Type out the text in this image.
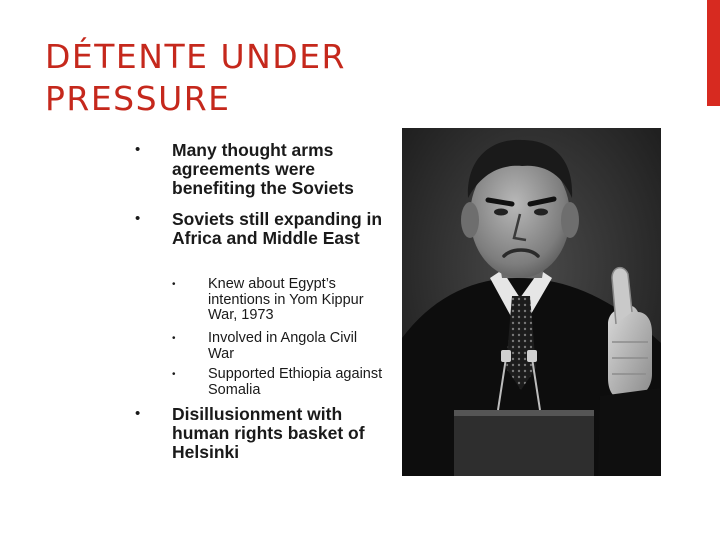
DÉTENTE UNDER
PRESSURE
• Many thought arms agreements were benefiting the Soviets
• Soviets still expanding in Africa and Middle East
• Knew about Egypt’s intentions in Yom Kippur War, 1973
• Involved in Angola Civil War
• Supported Ethiopia against Somalia
• Disillusionment with human rights basket of Helsinki
